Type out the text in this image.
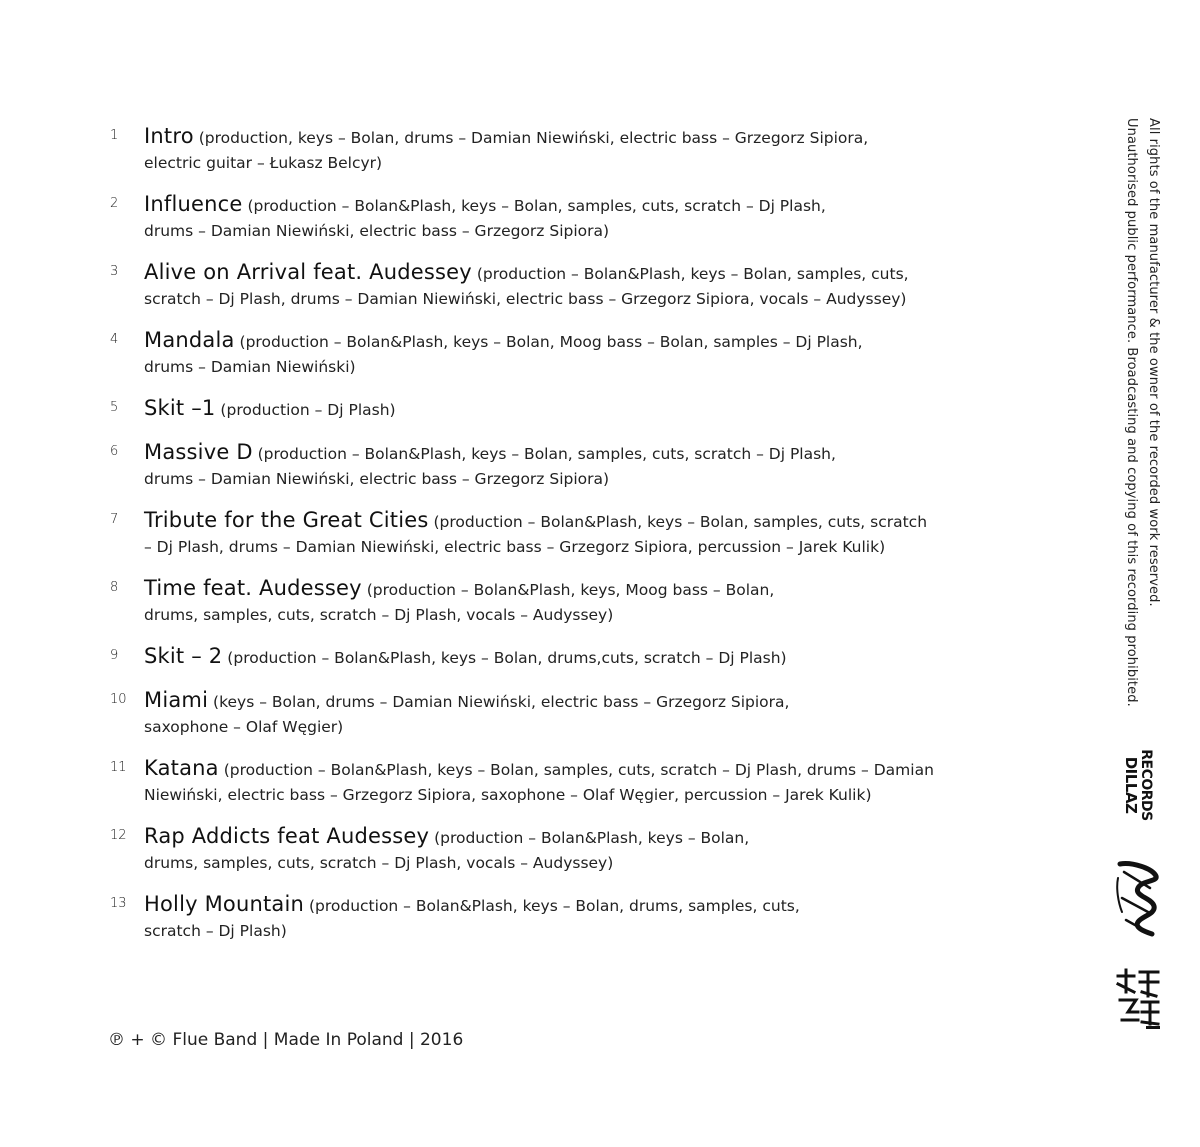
1	Intro (production, keys – Bolan, drums – Damian Niewiński, electric bass – Grzegorz Sipiora,
electric guitar – Łukasz Belcyr)
2	Influence (production – Bolan&Plash, keys – Bolan, samples, cuts, scratch – Dj Plash,
drums – Damian Niewiński, electric bass – Grzegorz Sipiora)
3	Alive on Arrival feat. Audessey (production – Bolan&Plash, keys – Bolan, samples, cuts,
scratch – Dj Plash, drums – Damian Niewiński, electric bass – Grzegorz Sipiora, vocals – Audyssey)
4	Mandala (production – Bolan&Plash, keys – Bolan, Moog bass – Bolan, samples – Dj Plash,
drums – Damian Niewiński)
5	Skit –1 (production – Dj Plash)
6	Massive D (production – Bolan&Plash, keys – Bolan, samples, cuts, scratch – Dj Plash,
drums – Damian Niewiński, electric bass – Grzegorz Sipiora)
7	Tribute for the Great Cities (production – Bolan&Plash, keys – Bolan, samples, cuts, scratch
– Dj Plash, drums – Damian Niewiński, electric bass – Grzegorz Sipiora, percussion – Jarek Kulik)
8	Time feat. Audessey (production – Bolan&Plash, keys, Moog bass – Bolan,
drums, samples, cuts, scratch – Dj Plash, vocals – Audyssey)
9	Skit – 2 (production – Bolan&Plash, keys – Bolan, drums,cuts, scratch – Dj Plash)
10 Miami (keys – Bolan, drums – Damian Niewiński, electric bass – Grzegorz Sipiora,
saxophone – Olaf Węgier)
11 Katana (production – Bolan&Plash, keys – Bolan, samples, cuts, scratch – Dj Plash, drums – Damian
Niewiński, electric bass – Grzegorz Sipiora, saxophone – Olaf Węgier, percussion – Jarek Kulik)
12 Rap Addicts feat Audessey (production – Bolan&Plash, keys – Bolan,
drums, samples, cuts, scratch – Dj Plash, vocals – Audyssey)
13 Holly Mountain (production – Bolan&Plash, keys – Bolan, drums, samples, cuts,
scratch – Dj Plash)
℗ + © Flue Band | Made In Poland | 2016
All rights of the manufacturer & the owner of the recorded work reserved.
Unauthorised public performance. Broadcasting and copying of this recording prohibited.
RECORDS
DILLAZ
